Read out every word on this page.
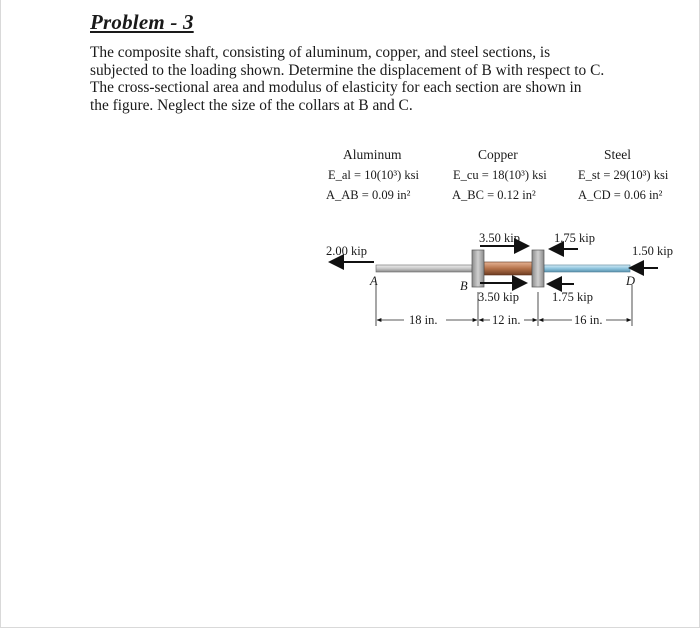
Problem - 3

The composite shaft, consisting of aluminum, copper, and steel sections, is

subjected to the loading shown. Determine the displacement of B with respect to C.

The cross-sectional area and modulus of elasticity for each section are shown in

the figure. Neglect the size of the collars at B and C.

Aluminum
E_al = 10(10³) ksi
A_AB = 0.09 in²
Copper
E_cu = 18(10³) ksi
A_BC = 0.12 in²
Steel
E_st = 29(10³) ksi
A_CD = 0.06 in²
2.00 kip
3.50 kip	1.75 kip
1.50 kip
3.50 kip	1.75 kip
A	B	D
18 in.	12 in.	16 in.
